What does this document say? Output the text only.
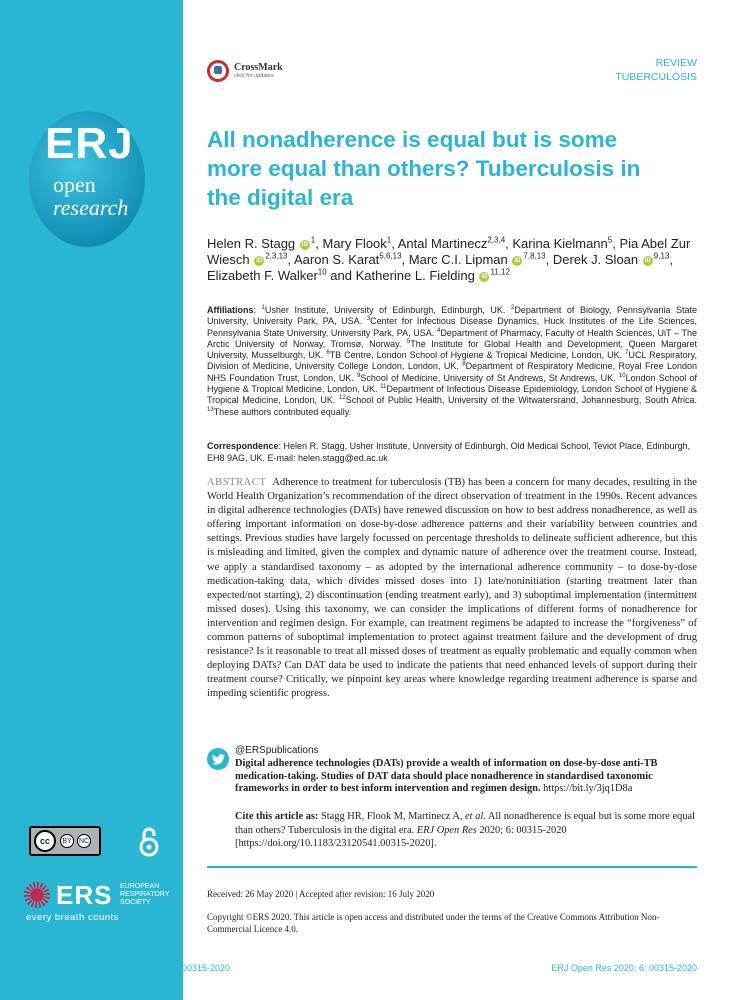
ERJ
open
research
cc	BY	NC
ERS EUROPEAN RESPIRATORY SOCIETY
every breath counts
CrossMark
click for updates
REVIEW
TUBERCULOSIS
All nonadherence is equal but is some more equal than others? Tuberculosis in the digital era
Helen R. Stagg iD $^1$, Mary Flook$^1$, Antal Martinecz$^{2,3,4}$, Karina Kielmann$^5$, Pia Abel Zur Wiesch iD $^{2,3,13}$, Aaron S. Karat$^{5,6,13}$, Marc C.I. Lipman iD $^{7,8,13}$, Derek J. Sloan iD $^{9,13}$, Elizabeth F. Walker$^{10}$ and Katherine L. Fielding iD $^{11,12}$
Affiliations: $^1$Usher Institute, University of Edinburgh, Edinburgh, UK. $^2$Department of Biology, Pennsylvania State University, University Park, PA, USA. $^3$Center for Infectious Disease Dynamics, Huck Institutes of the Life Sciences, Pennsylvania State University, University Park, PA, USA. $^4$Department of Pharmacy, Faculty of Health Sciences, UiT – The Arctic University of Norway, Tromsø, Norway. $^5$The Institute for Global Health and Development, Queen Margaret University, Musselburgh, UK. $^6$TB Centre, London School of Hygiene & Tropical Medicine, London, UK. $^7$UCL Respiratory, Division of Medicine, University College London, London, UK. $^8$Department of Respiratory Medicine, Royal Free London NHS Foundation Trust, London, UK. $^9$School of Medicine, University of St Andrews, St Andrews, UK. $^{10}$London School of Hygiene & Tropical Medicine, London, UK. $^{11}$Department of Infectious Disease Epidemiology, London School of Hygiene & Tropical Medicine, London, UK. $^{12}$School of Public Health, University of the Witwatersrand, Johannesburg, South Africa. $^{13}$These authors contributed equally.
Correspondence: Helen R. Stagg, Usher Institute, University of Edinburgh, Old Medical School, Teviot Place, Edinburgh, EH8 9AG, UK. E-mail: helen.stagg@ed.ac.uk
ABSTRACT Adherence to treatment for tuberculosis (TB) has been a concern for many decades, resulting in the World Health Organization’s recommendation of the direct observation of treatment in the 1990s. Recent advances in digital adherence technologies (DATs) have renewed discussion on how to best address nonadherence, as well as offering important information on dose-by-dose adherence patterns and their variability between countries and settings. Previous studies have largely focussed on percentage thresholds to delineate sufficient adherence, but this is misleading and limited, given the complex and dynamic nature of adherence over the treatment course. Instead, we apply a standardised taxonomy – as adopted by the international adherence community – to dose-by-dose medication-taking data, which divides missed doses into 1) late/noninitiation (starting treatment later than expected/not starting), 2) discontinuation (ending treatment early), and 3) suboptimal implementation (intermittent missed doses). Using this taxonomy, we can consider the implications of different forms of nonadherence for intervention and regimen design. For example, can treatment regimens be adapted to increase the “forgiveness” of common patterns of suboptimal implementation to protect against treatment failure and the development of drug resistance? Is it reasonable to treat all missed doses of treatment as equally problematic and equally common when deploying DATs? Can DAT data be used to indicate the patients that need enhanced levels of support during their treatment course? Critically, we pinpoint key areas where knowledge regarding treatment adherence is sparse and impeding scientific progress.
@ERSpublications
Digital adherence technologies (DATs) provide a wealth of information on dose-by-dose anti-TB medication-taking. Studies of DAT data should place nonadherence in standardised taxonomic frameworks in order to best inform intervention and regimen design. https://bit.ly/3jq1D8a
Cite this article as: Stagg HR, Flook M, Martinecz A, et al. All nonadherence is equal but is some more equal than others? Tuberculosis in the digital era. ERJ Open Res 2020; 6: 00315-2020 [https://doi.org/10.1183/23120541.00315-2020].
Received: 26 May 2020 | Accepted after revision: 16 July 2020
Copyright ©ERS 2020. This article is open access and distributed under the terms of the Creative Commons Attribution Non-Commercial Licence 4.0.
https://doi.org/10.1183/23120541.00315-2020	ERJ Open Res 2020; 6: 00315-2020
